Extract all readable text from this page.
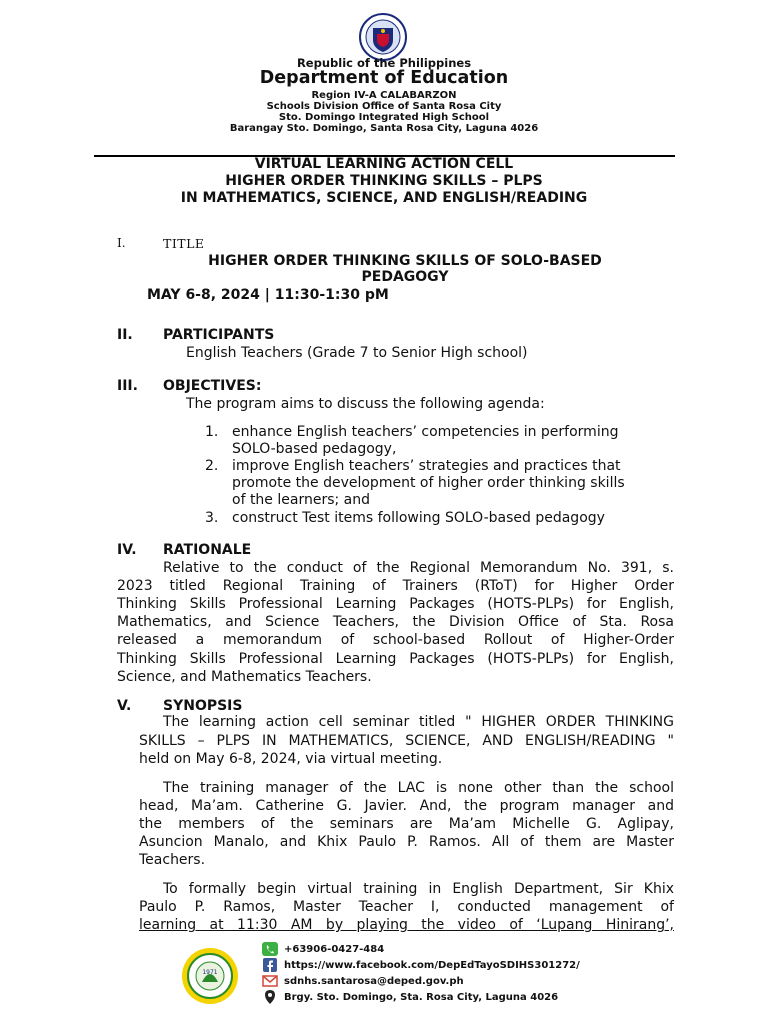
Republic of the Philippines
Department of Education
Region IV-A CALABARZON
Schools Division Office of Santa Rosa City
Sto. Domingo Integrated High School
Barangay Sto. Domingo, Santa Rosa City, Laguna 4026
VIRTUAL LEARNING ACTION CELL
HIGHER ORDER THINKING SKILLS – PLPS
IN MATHEMATICS, SCIENCE, AND ENGLISH/READING
I.	TITLE
HIGHER ORDER THINKING SKILLS OF SOLO-BASED
PEDAGOGY
MAY 6-8, 2024 | 11:30-1:30 pM
II. PARTICIPANTS
English Teachers (Grade 7 to Senior High school)
III. OBJECTIVES:
The program aims to discuss the following agenda:
1. enhance English teachers’ competencies in performing
SOLO-based pedagogy,
2. improve English teachers’ strategies and practices that
promote the development of higher order thinking skills
of the learners; and
3. construct Test items following SOLO-based pedagogy
IV. RATIONALE
Relative to the conduct of the Regional Memorandum No. 391, s.
2023 titled Regional Training of Trainers (RToT) for Higher Order
Thinking Skills Professional Learning Packages (HOTS-PLPs) for English,
Mathematics, and Science Teachers, the Division Office of Sta. Rosa
released a memorandum of school-based Rollout of Higher-Order
Thinking Skills Professional Learning Packages (HOTS-PLPs) for English,
Science, and Mathematics Teachers.
V. SYNOPSIS
The learning action cell seminar titled " HIGHER ORDER THINKING
SKILLS – PLPS IN MATHEMATICS, SCIENCE, AND ENGLISH/READING "
held on May 6-8, 2024, via virtual meeting.
The training manager of the LAC is none other than the school
head, Ma’am. Catherine G. Javier. And, the program manager and
the members of the seminars are Ma’am Michelle G. Aglipay,
Asuncion Manalo, and Khix Paulo P. Ramos. All of them are Master
Teachers.
To formally begin virtual training in English Department, Sir Khix
Paulo P. Ramos, Master Teacher I, conducted management of
learning at 11:30 AM by playing the video of ‘Lupang Hinirang’,
1971
+63906-0427-484
https://www.facebook.com/DepEdTayoSDIHS301272/
sdnhs.santarosa@deped.gov.ph
Brgy. Sto. Domingo, Sta. Rosa City, Laguna 4026
